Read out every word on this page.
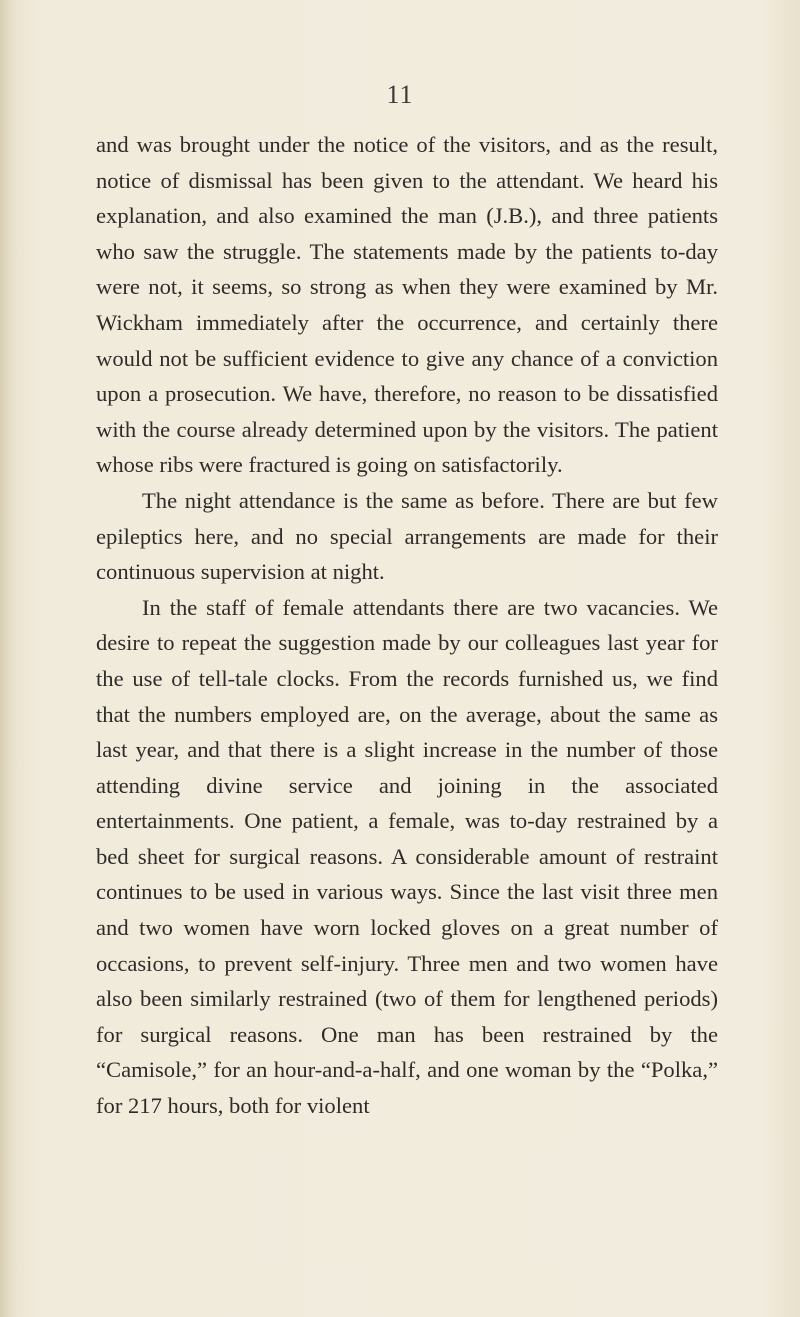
11

and was brought under the notice of the visitors, and as the result, notice of dismissal has been given to the attendant. We heard his explanation, and also examined the man (J.B.), and three patients who saw the struggle. The statements made by the patients to-day were not, it seems, so strong as when they were examined by Mr. Wickham immediately after the occurrence, and certainly there would not be sufficient evidence to give any chance of a conviction upon a prosecution. We have, therefore, no reason to be dissatisfied with the course already determined upon by the visitors. The patient whose ribs were fractured is going on satisfactorily.

The night attendance is the same as before. There are but few epileptics here, and no special arrangements are made for their continuous supervision at night.

In the staff of female attendants there are two vacancies. We desire to repeat the suggestion made by our colleagues last year for the use of tell-tale clocks. From the records furnished us, we find that the numbers employed are, on the average, about the same as last year, and that there is a slight increase in the number of those attending divine service and joining in the associated entertainments. One patient, a female, was to-day restrained by a bed sheet for surgical reasons. A considerable amount of restraint continues to be used in various ways. Since the last visit three men and two women have worn locked gloves on a great number of occasions, to prevent self-injury. Three men and two women have also been similarly restrained (two of them for lengthened periods) for surgical reasons. One man has been restrained by the “Camisole,” for an hour-and-a-half, and one woman by the “Polka,” for 217 hours, both for violent
